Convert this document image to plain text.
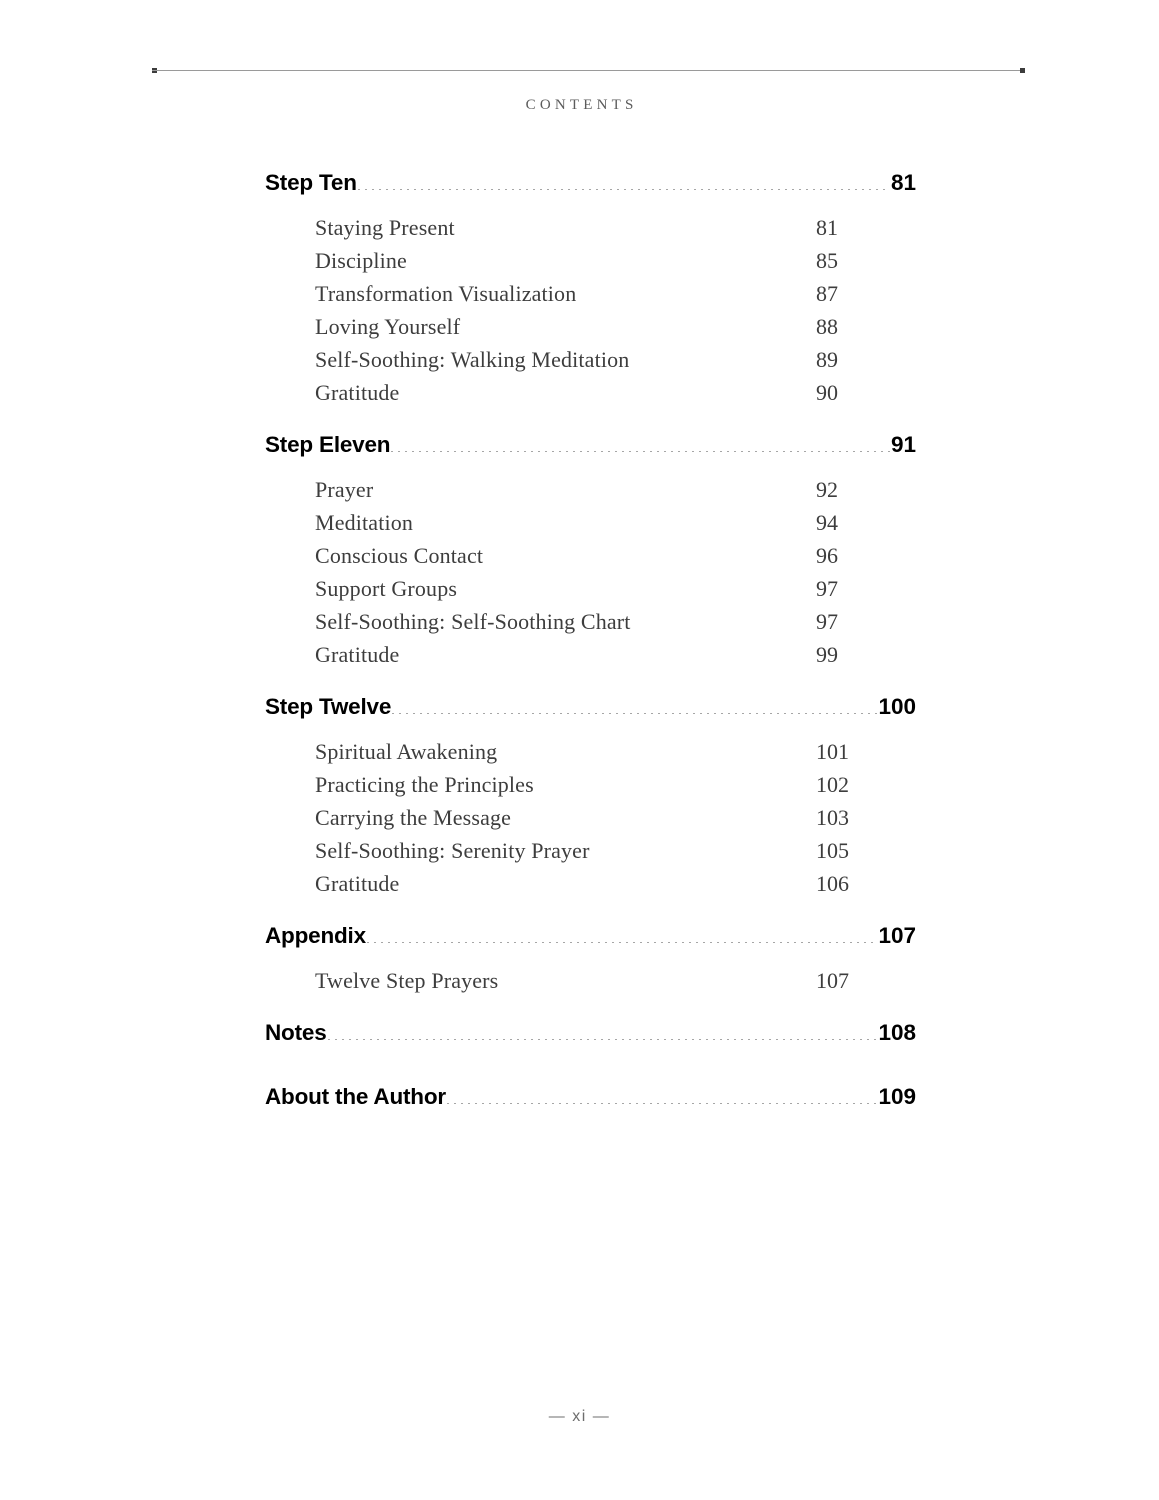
CONTENTS
Step Ten	81
Staying Present	81
Discipline	85
Transformation Visualization	87
Loving Yourself	88
Self-Soothing: Walking Meditation	89
Gratitude	90
Step Eleven	91
Prayer	92
Meditation	94
Conscious Contact	96
Support Groups	97
Self-Soothing: Self-Soothing Chart	97
Gratitude	99
Step Twelve	100
Spiritual Awakening	101
Practicing the Principles	102
Carrying the Message	103
Self-Soothing: Serenity Prayer	105
Gratitude	106
Appendix	107
Twelve Step Prayers	107
Notes	108
About the Author	109
— xi —
